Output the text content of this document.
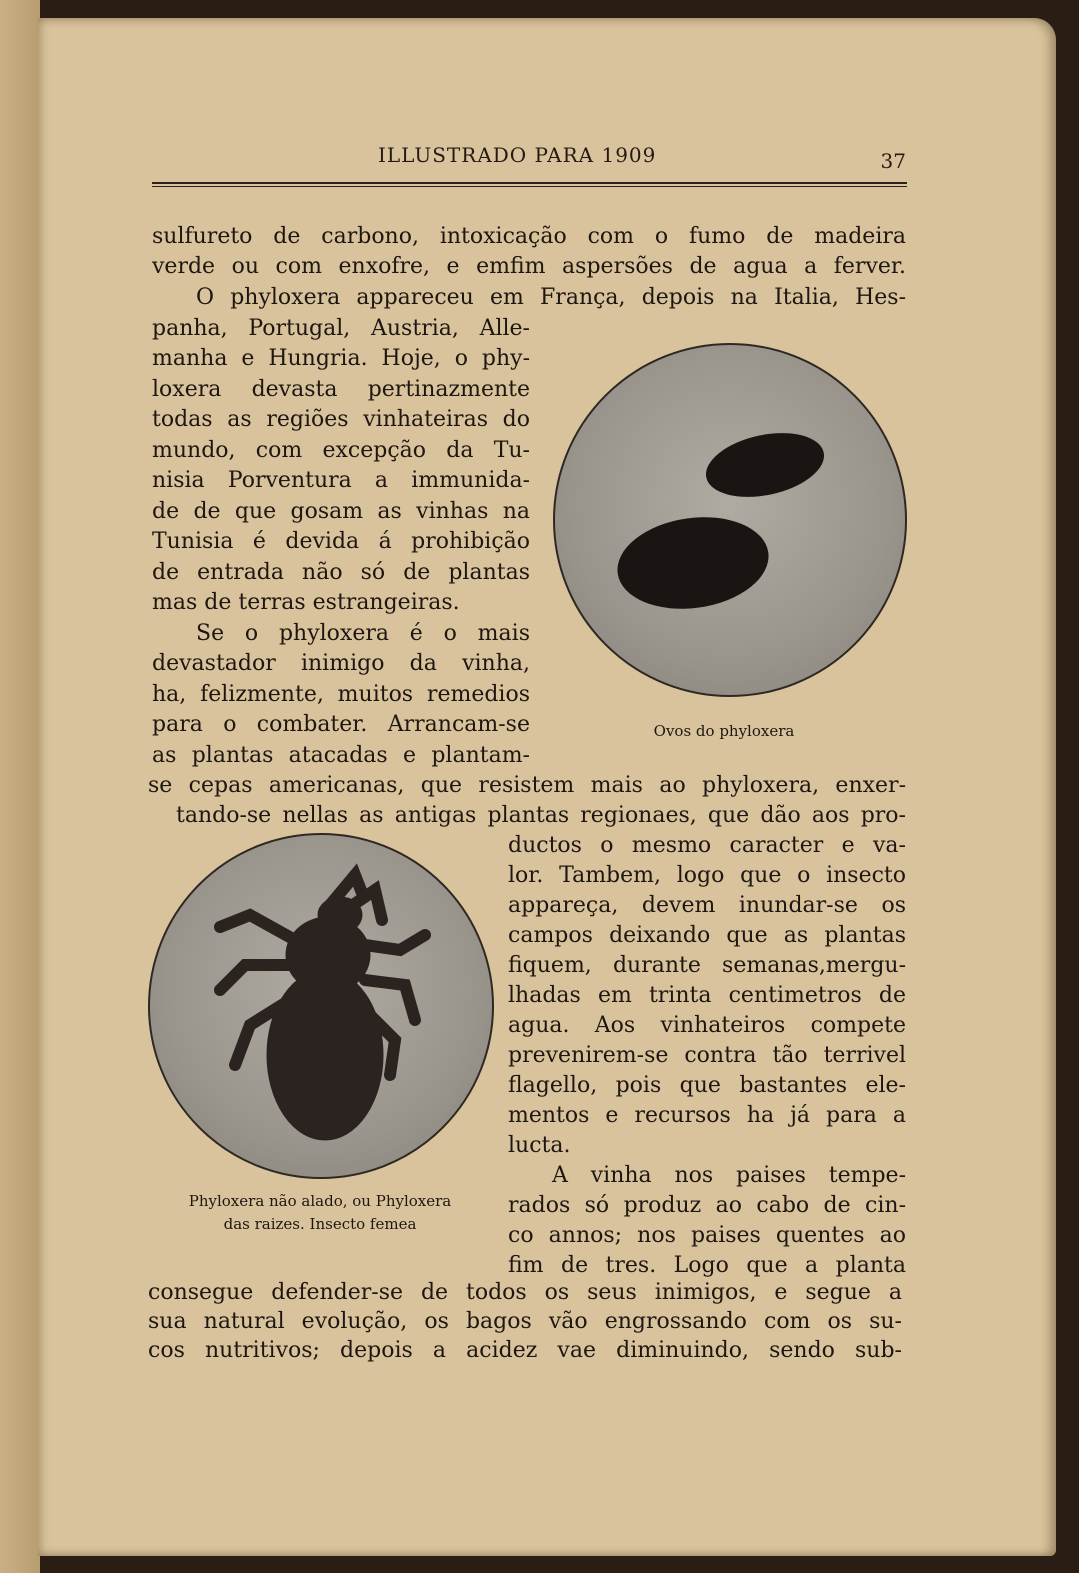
ILLUSTRADO PARA 1909	37
Ovos do phyloxera
Phyloxera não alado, ou Phyloxera
das raizes. Insecto femea
sulfureto de carbono, intoxicação com o fumo de madeira
verde ou com enxofre, e emfim aspersões de agua a ferver.
O phyloxera appareceu em França, depois na Italia, Hes-
panha, Portugal, Austria, Alle-
manha e Hungria. Hoje, o phy-
loxera devasta pertinazmente
todas as regiões vinhateiras do
mundo, com excepção da Tu-
nisia Porventura a immunida-
de de que gosam as vinhas na
Tunisia é devida á prohibição
de entrada não só de plantas
mas de terras estrangeiras.
Se o phyloxera é o mais
devastador inimigo da vinha,
ha, felizmente, muitos remedios
para o combater. Arrancam-se
as plantas atacadas e plantam-
se cepas americanas, que resistem mais ao phyloxera, enxer-
tando-se nellas as antigas plantas regionaes, que dão aos pro-
ductos o mesmo caracter e va-
lor. Tambem, logo que o insecto
appareça, devem inundar-se os
campos deixando que as plantas
fiquem, durante semanas,mergu-
lhadas em trinta centimetros de
agua. Aos vinhateiros compete
prevenirem-se contra tão terrivel
flagello, pois que bastantes ele-
mentos e recursos ha já para a
lucta.
A vinha nos paises tempe-
rados só produz ao cabo de cin-
co annos; nos paises quentes ao
fim de tres. Logo que a planta
consegue defender-se de todos os seus inimigos, e segue a
sua natural evolução, os bagos vão engrossando com os su-
cos nutritivos; depois a acidez vae diminuindo, sendo sub-
